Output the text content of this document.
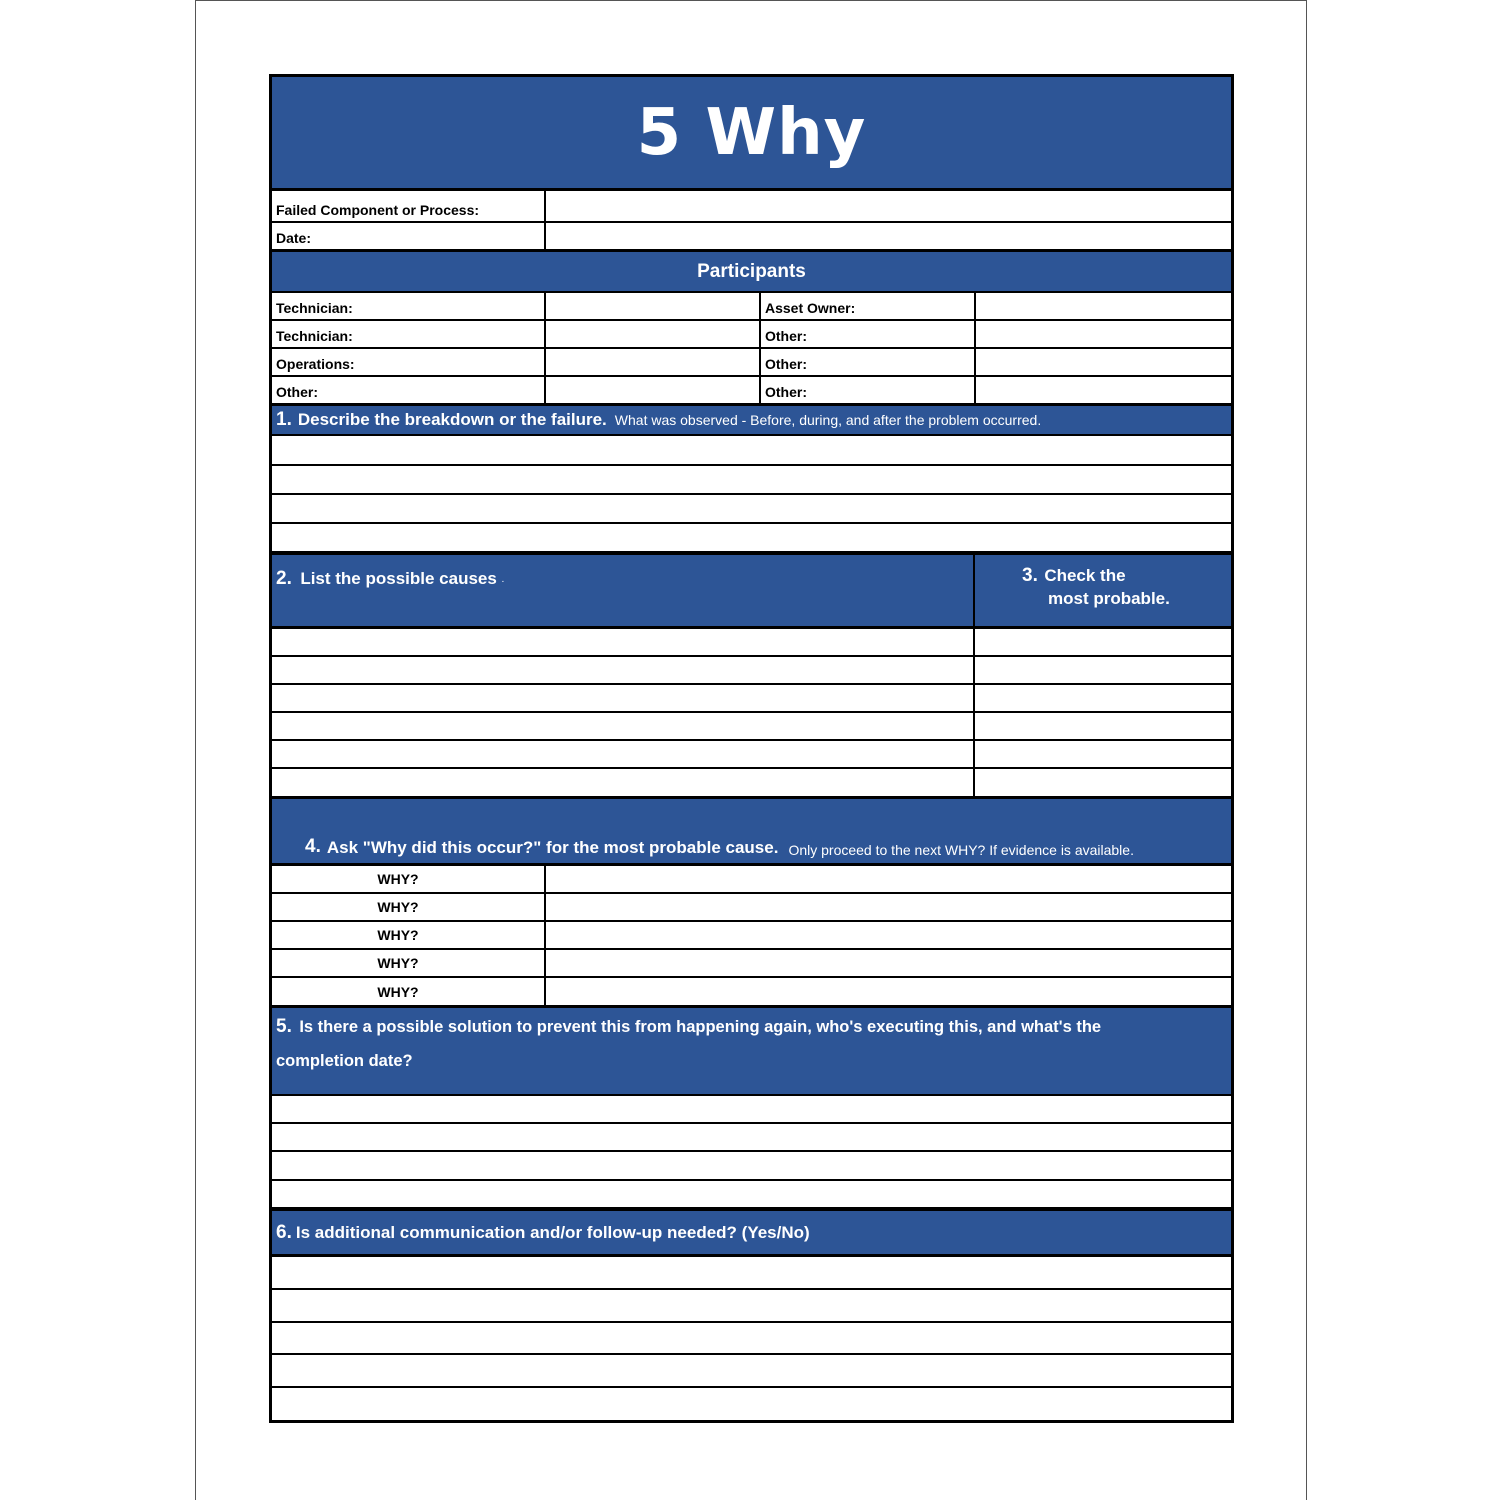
5 Why
Failed Component or Process:
Date:
Participants
Technician:	Asset Owner:
Technician:	Other:
Operations:	Other:
Other:	Other:
1. Describe the breakdown or the failure. What was observed - Before, during, and after the problem occurred.
2. List the possible causes ·	3. Check the
most probable.
4. Ask "Why did this occur?" for the most probable cause. Only proceed to the next WHY? If evidence is available.
WHY?
WHY?
WHY?
WHY?
WHY?
5. Is there a possible solution to prevent this from happening again, who's executing this, and what's the
completion date?
6. Is additional communication and/or follow-up needed? (Yes/No)
